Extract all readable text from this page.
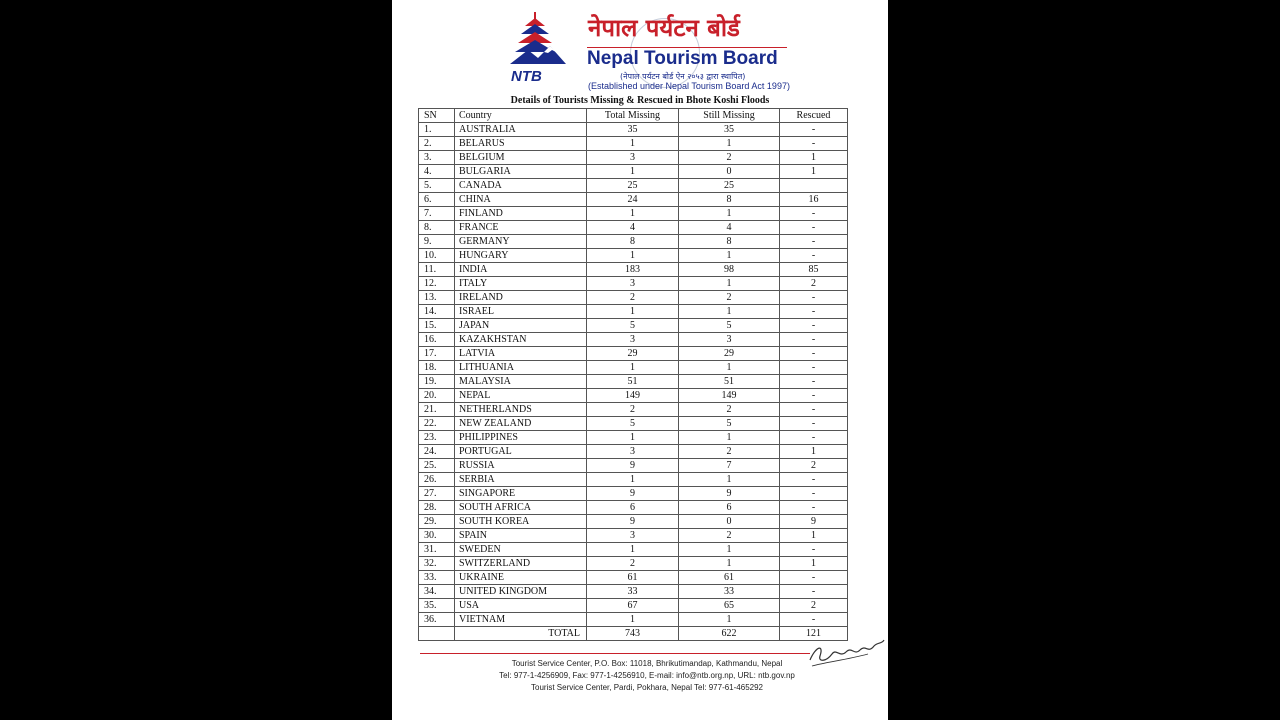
NTB
नेपाल पर्यटन बोर्ड
Nepal Tourism Board
(नेपाल पर्यटन बोर्ड ऐन २०५३ द्वारा स्थापित)
(Established under Nepal Tourism Board Act 1997)
Details of Tourists Missing & Rescued in Bhote Koshi Floods
SN	Country	Total Missing	Still Missing	Rescued
1.	AUSTRALIA	35	35	-
2.	BELARUS	1	1	-
3.	BELGIUM	3	2	1
4.	BULGARIA	1	0	1
5.	CANADA	25	25	
6.	CHINA	24	8	16
7.	FINLAND	1	1	-
8.	FRANCE	4	4	-
9.	GERMANY	8	8	-
10.	HUNGARY	1	1	-
11.	INDIA	183	98	85
12.	ITALY	3	1	2
13.	IRELAND	2	2	-
14.	ISRAEL	1	1	-
15.	JAPAN	5	5	-
16.	KAZAKHSTAN	3	3	-
17.	LATVIA	29	29	-
18.	LITHUANIA	1	1	-
19.	MALAYSIA	51	51	-
20.	NEPAL	149	149	-
21.	NETHERLANDS	2	2	-
22.	NEW ZEALAND	5	5	-
23.	PHILIPPINES	1	1	-
24.	PORTUGAL	3	2	1
25.	RUSSIA	9	7	2
26.	SERBIA	1	1	-
27.	SINGAPORE	9	9	-
28.	SOUTH AFRICA	6	6	-
29.	SOUTH KOREA	9	0	9
30.	SPAIN	3	2	1
31.	SWEDEN	1	1	-
32.	SWITZERLAND	2	1	1
33.	UKRAINE	61	61	-
34.	UNITED KINGDOM	33	33	-
35.	USA	67	65	2
36.	VIETNAM	1	1	-
	TOTAL	743	622	121
Tourist Service Center, P.O. Box: 11018, Bhrikutimandap, Kathmandu, Nepal
Tel: 977-1-4256909, Fax: 977-1-4256910, E-mail: info@ntb.org.np, URL: ntb.gov.np
Tourist Service Center, Pardi, Pokhara, Nepal Tel: 977-61-465292
